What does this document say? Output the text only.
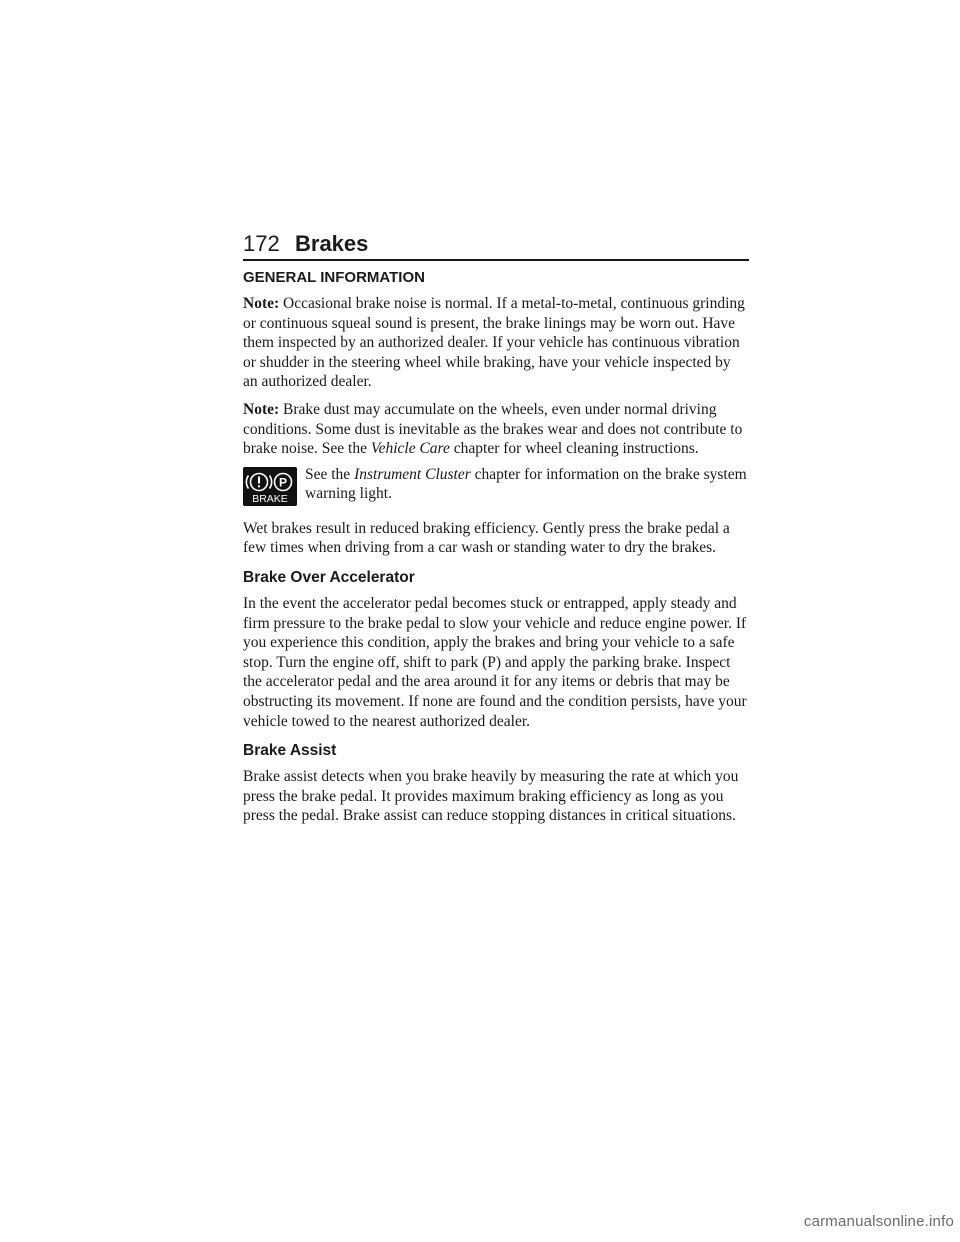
172 Brakes
GENERAL INFORMATION

Note: Occasional brake noise is normal. If a metal-to-metal, continuous grinding or continuous squeal sound is present, the brake linings may be worn out. Have them inspected by an authorized dealer. If your vehicle has continuous vibration or shudder in the steering wheel while braking, have your vehicle inspected by an authorized dealer.

Note: Brake dust may accumulate on the wheels, even under normal driving conditions. Some dust is inevitable as the brakes wear and does not contribute to brake noise. See the Vehicle Care chapter for wheel cleaning instructions.

P
BRAKE
See the Instrument Cluster chapter for information on the brake system warning light.

Wet brakes result in reduced braking efficiency. Gently press the brake pedal a few times when driving from a car wash or standing water to dry the brakes.

Brake Over Accelerator

In the event the accelerator pedal becomes stuck or entrapped, apply steady and firm pressure to the brake pedal to slow your vehicle and reduce engine power. If you experience this condition, apply the brakes and bring your vehicle to a safe stop. Turn the engine off, shift to park (P) and apply the parking brake. Inspect the accelerator pedal and the area around it for any items or debris that may be obstructing its movement. If none are found and the condition persists, have your vehicle towed to the nearest authorized dealer.

Brake Assist

Brake assist detects when you brake heavily by measuring the rate at which you press the brake pedal. It provides maximum braking efficiency as long as you press the pedal. Brake assist can reduce stopping distances in critical situations.

carmanualsonline.info
